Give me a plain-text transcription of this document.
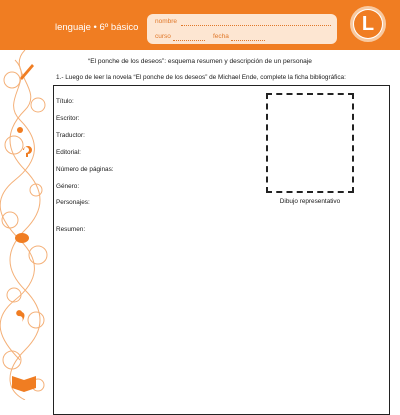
lenguaje • 6º básico
nombre
curso	fecha
L
“El ponche de los deseos”: esquema resumen y descripción de un personaje
1.- Luego de leer la novela “El ponche de los deseos” de Michael Ende, complete la ficha bibliográfica:
Título:
Escritor:
Traductor:
Editorial:
Número de páginas:
Género:
Personajes:
Resumen:
Dibujo representativo
